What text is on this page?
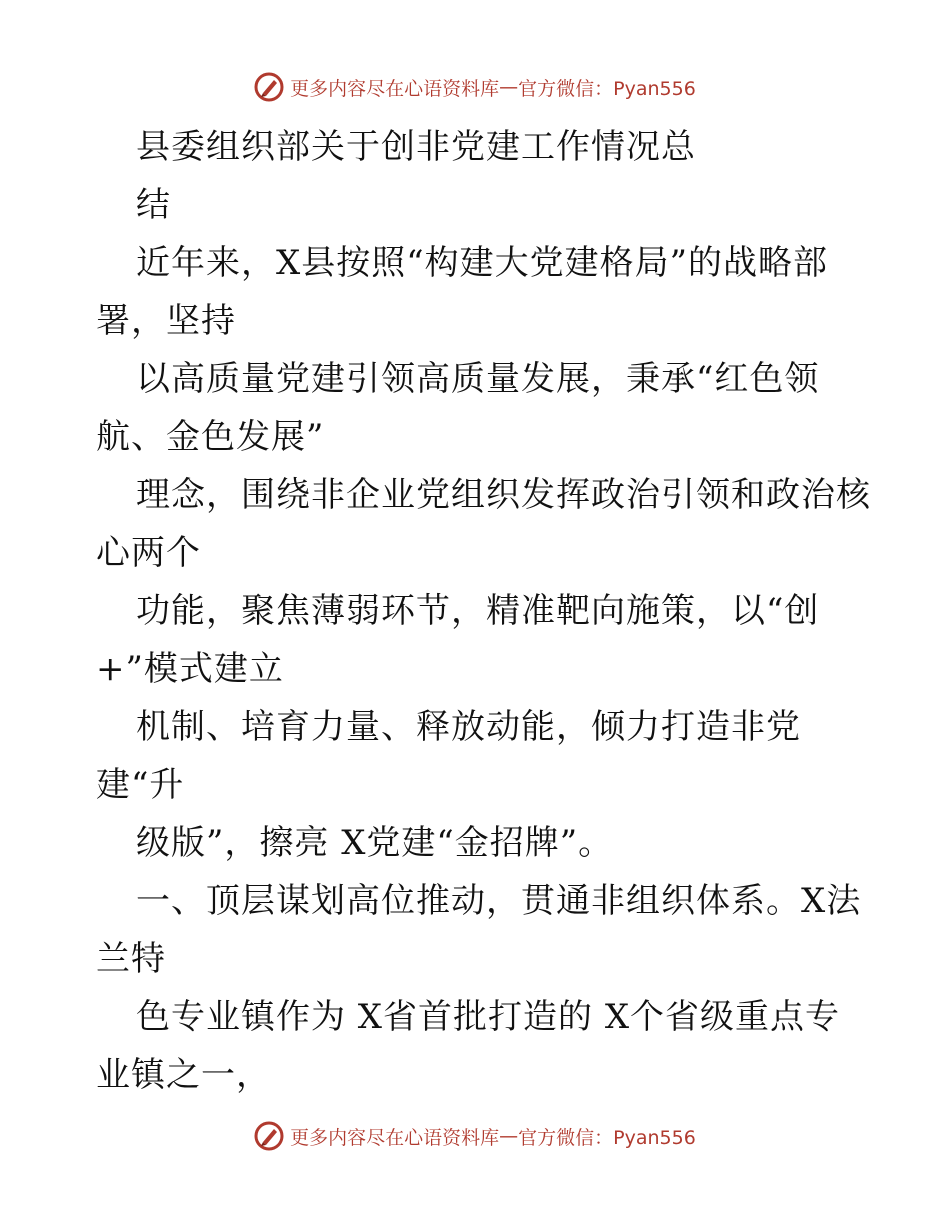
更多内容尽在心语资料库 — 官方微信：Pyan556
县委组织部关于创非党建工作情况总
结
近年来，X县按照“构建大党建格局”的战略部
署，坚持
以高质量党建引领高质量发展，秉承“红色领
航、金色发展”
理念，围绕非企业党组织发挥政治引领和政治核
心两个
功能，聚焦薄弱环节，精准靶向施策，以“创
+”模式建立
机制、培育力量、释放动能，倾力打造非党
建“升
级版”，擦亮 X党建“金招牌”。
一、顶层谋划高位推动，贯通非组织体系。X法
兰特
色专业镇作为 X省首批打造的 X个省级重点专
业镇之一，
更多内容尽在心语资料库 — 官方微信：Pyan556
